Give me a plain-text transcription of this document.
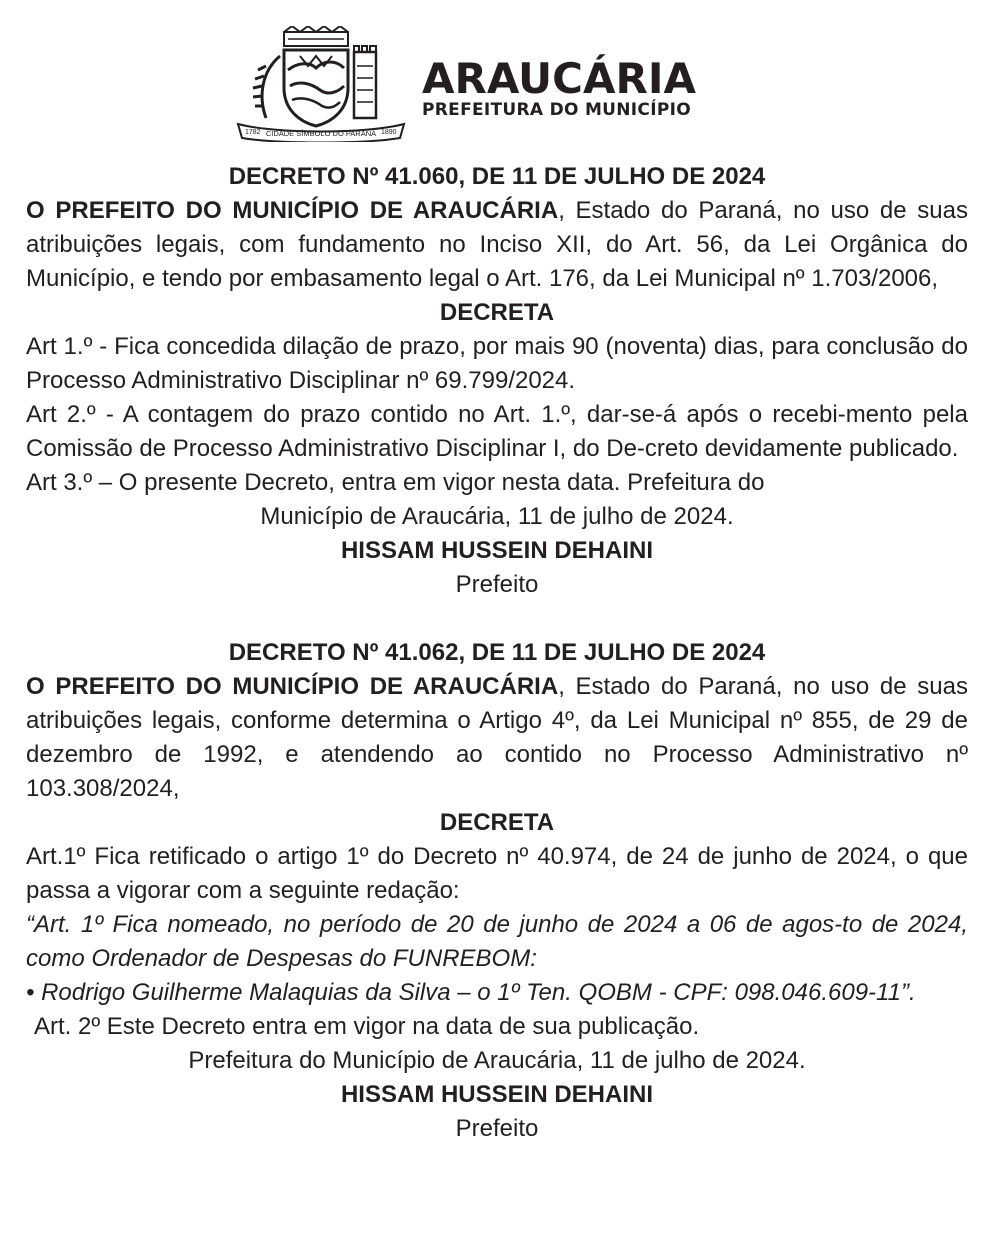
1782 CIDADE SÍMBOLO DO PARANÁ 1890

ARAUCÁRIA

PREFEITURA DO MUNICÍPIO

DECRETO Nº 41.060, DE 11 DE JULHO DE 2024

O PREFEITO DO MUNICÍPIO DE ARAUCÁRIA, Estado do Paraná, no uso de suas atribuições legais, com fundamento no Inciso XII, do Art. 56, da Lei Orgânica do Município, e tendo por embasamento legal o Art. 176, da Lei Municipal nº 1.703/2006,

DECRETA

Art 1.º - Fica concedida dilação de prazo, por mais 90 (noventa) dias, para conclusão do Processo Administrativo Disciplinar nº 69.799/2024.

Art 2.º - A contagem do prazo contido no Art. 1.º, dar-se-á após o recebi-mento pela Comissão de Processo Administrativo Disciplinar I, do De-creto devidamente publicado.

Art 3.º – O presente Decreto, entra em vigor nesta data. Prefeitura do

Município de Araucária, 11 de julho de 2024.

HISSAM HUSSEIN DEHAINI

Prefeito

DECRETO Nº 41.062, DE 11 DE JULHO DE 2024

O PREFEITO DO MUNICÍPIO DE ARAUCÁRIA, Estado do Paraná, no uso de suas atribuições legais, conforme determina o Artigo 4º, da Lei Municipal nº 855, de 29 de dezembro de 1992, e atendendo ao contido no Processo Administrativo nº 103.308/2024,

DECRETA

Art.1º Fica retificado o artigo 1º do Decreto nº 40.974, de 24 de junho de 2024, o que passa a vigorar com a seguinte redação:

“Art. 1º Fica nomeado, no período de 20 de junho de 2024 a 06 de agos-to de 2024, como Ordenador de Despesas do FUNREBOM:

• Rodrigo Guilherme Malaquias da Silva – o 1º Ten. QOBM - CPF: 098.046.609-11”.

Art. 2º Este Decreto entra em vigor na data de sua publicação.

Prefeitura do Município de Araucária, 11 de julho de 2024.

HISSAM HUSSEIN DEHAINI

Prefeito
